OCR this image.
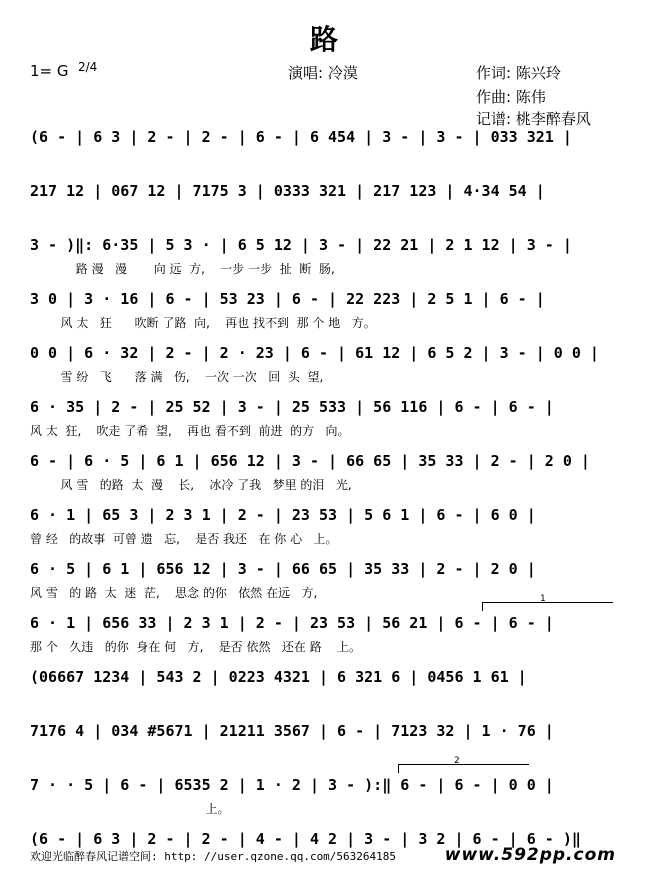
路
1= G 2/4	演唱: 冷漠	作词: 陈兴玲
作曲: 陈伟
记谱: 桃李醉春风
(6 - | 6 3 | 2 - | 2 - | 6 - | 6 454 | 3 - | 3 - | 033 321 |
217 12 | 067 12 | 7175 3 | 0333 321 | 217 123 | 4·34 54 |
3 - )‖: 6·35 | 5 3 · | 6 5 12 | 3 - | 22 21 | 2 1 12 | 3 - |
路 漫   漫       向 远  方,    一步 一步  扯  断  肠,
3 0 | 3 · 16 | 6 - | 53 23 | 6 - | 22 223 | 2 5 1 | 6 - |
风 太   狂      吹断 了路  向,    再也 找不到  那 个 地   方。
0 0 | 6 · 32 | 2 - | 2 · 23 | 6 - | 61 12 | 6 5 2 | 3 - | 0 0 |
雪 纷   飞      落 满   伤,    一次 一次   回  头  望,
6 · 35 | 2 - | 25 52 | 3 - | 25 533 | 56 116 | 6 - | 6 - |
风 太  狂,    吹走 了希  望,    再也 看不到  前进  的方   向。
6 - | 6 · 5 | 6 1 | 656 12 | 3 - | 66 65 | 35 33 | 2 - | 2 0 |
风 雪   的路  太  漫    长,    冰冷 了我   梦里 的泪   光,
6 · 1 | 65 3 | 2 3 1 | 2 - | 23 53 | 5 6 1 | 6 - | 6 0 |
曾 经   的故事  可曾 遗   忘,    是否 我还   在 你 心   上。
6 · 5 | 6 1 | 656 12 | 3 - | 66 65 | 35 33 | 2 - | 2 0 |
风 雪   的 路  太  迷  茫,    思念 的你   依然 在远   方,
6 · 1 | 656 33 | 2 3 1 | 2 - | 23 53 | 56 21 | 6 - | 6 - |
那 个   久违   的你  身在 何   方,    是否 依然   还在 路    上。
1
(06667 1234 | 543 2 | 0223 4321 | 6 321 6 | 0456 1 61 |
7176 4 | 034 #5671 | 21211 3567 | 6 - | 7123 32 | 1 · 76 |
7 · · 5 | 6 - | 6535 2 | 1 · 2 | 3 - ):‖ 6 - | 6 - | 0 0 |
上。
2
(6 - | 6 3 | 2 - | 2 - | 4 - | 4 2 | 3 - | 3 2 | 6 - | 6 - )‖
欢迎光临醉春风记谱空间: http: //user.qzone.qq.com/563264185	www.592pp.com
